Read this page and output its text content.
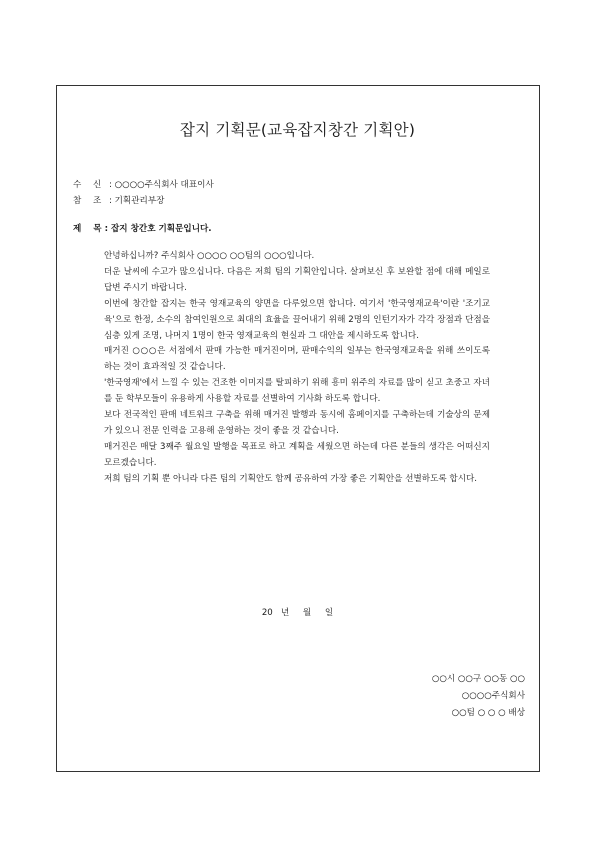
잡지 기획문(교육잡지창간 기획안)
수 신 : ○○○○주식회사 대표이사
참 조 : 기획관리부장
제    목 : 잡지 창간호 기획문입니다.

안녕하십니까? 주식회사 ○○○○ ○○팀의 ○○○입니다.

더운 날씨에 수고가 많으십니다. 다음은 저희 팀의 기획안입니다. 살펴보신 후 보완할 점에 대해 메일로 답변 주시기 바랍니다.

이번에 창간할 잡지는 한국 영재교육의 양면을 다루었으면 합니다. 여기서 '한국영재교육'이란 '조기교육'으로 한정, 소수의 참여인원으로 최대의 효율을 끌어내기 위해 2명의 인턴기자가 각각 장점과 단점을 심층 있게 조명, 나머지 1명이 한국 영재교육의 현실과 그 대안을 제시하도록 합니다.

매거진 ○○○은 서점에서 판매 가능한 매거진이며, 판매수익의 일부는 한국영재교육을 위해 쓰이도록 하는 것이 효과적일 것 같습니다.

'한국영재'에서 느낄 수 있는 건조한 이미지를 탈피하기 위해 흥미 위주의 자료를 많이 싣고 초중고 자녀를 둔 학부모들이 유용하게 사용할 자료를 선별하여 기사화 하도록 합니다.

보다 전국적인 판매 네트워크 구축을 위해 매거진 발행과 동시에 홈페이지를 구축하는데 기술상의 문제가 있으니 전문 인력을 고용해 운영하는 것이 좋을 것 같습니다.

매거진은 매달 3째주 월요일 발행을 목표로 하고 계획을 세웠으면 하는데 다른 분들의 생각은 어떠신지 모르겠습니다.

저희 팀의 기획 뿐 아니라 다른 팀의 기획안도 함께 공유하여 가장 좋은 기획안을 선별하도록 합시다.

20   년     월     일
○○시 ○○구 ○○동 ○○
○○○○주식회사
○○팀 ○ ○ ○ 배상
